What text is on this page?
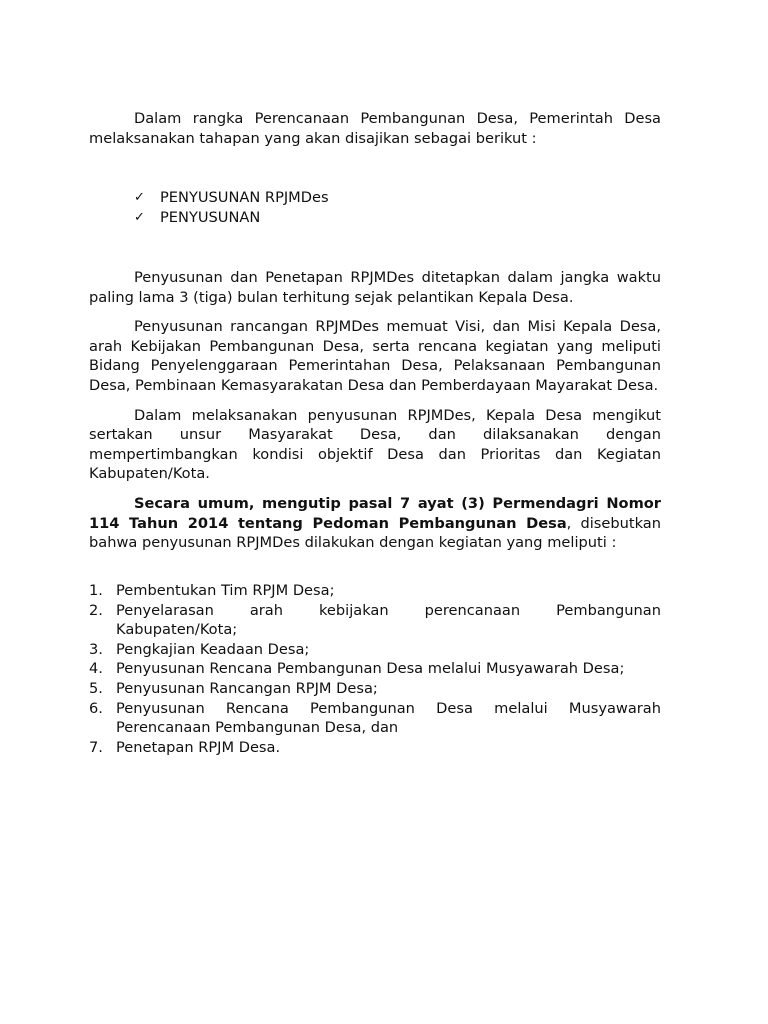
Dalam rangka Perencanaan Pembangunan Desa, Pemerintah Desa melaksanakan tahapan yang akan disajikan sebagai berikut :

✓ PENYUSUNAN RPJMDes
✓ PENYUSUNAN

Penyusunan dan Penetapan RPJMDes ditetapkan dalam jangka waktu paling lama 3 (tiga) bulan terhitung sejak pelantikan Kepala Desa.

Penyusunan rancangan RPJMDes memuat Visi, dan Misi Kepala Desa, arah Kebijakan Pembangunan Desa, serta rencana kegiatan yang meliputi Bidang Penyelenggaraan Pemerintahan Desa, Pelaksanaan Pembangunan Desa, Pembinaan Kemasyarakatan Desa dan Pemberdayaan Mayarakat Desa.

Dalam melaksanakan penyusunan RPJMDes, Kepala Desa mengikut sertakan unsur Masyarakat Desa, dan dilaksanakan dengan mempertimbangkan kondisi objektif Desa dan Prioritas dan Kegiatan Kabupaten/Kota.

Secara umum, mengutip pasal 7 ayat (3) Permendagri Nomor 114 Tahun 2014 tentang Pedoman Pembangunan Desa, disebutkan bahwa penyusunan RPJMDes dilakukan dengan kegiatan yang meliputi :

1. Pembentukan Tim RPJM Desa;
2. Penyelarasan arah kebijakan perencanaan Pembangunan Kabupaten/Kota;
3. Pengkajian Keadaan Desa;
4. Penyusunan Rencana Pembangunan Desa melalui Musyawarah Desa;
5. Penyusunan Rancangan RPJM Desa;
6. Penyusunan Rencana Pembangunan Desa melalui Musyawarah Perencanaan Pembangunan Desa, dan
7. Penetapan RPJM Desa.
